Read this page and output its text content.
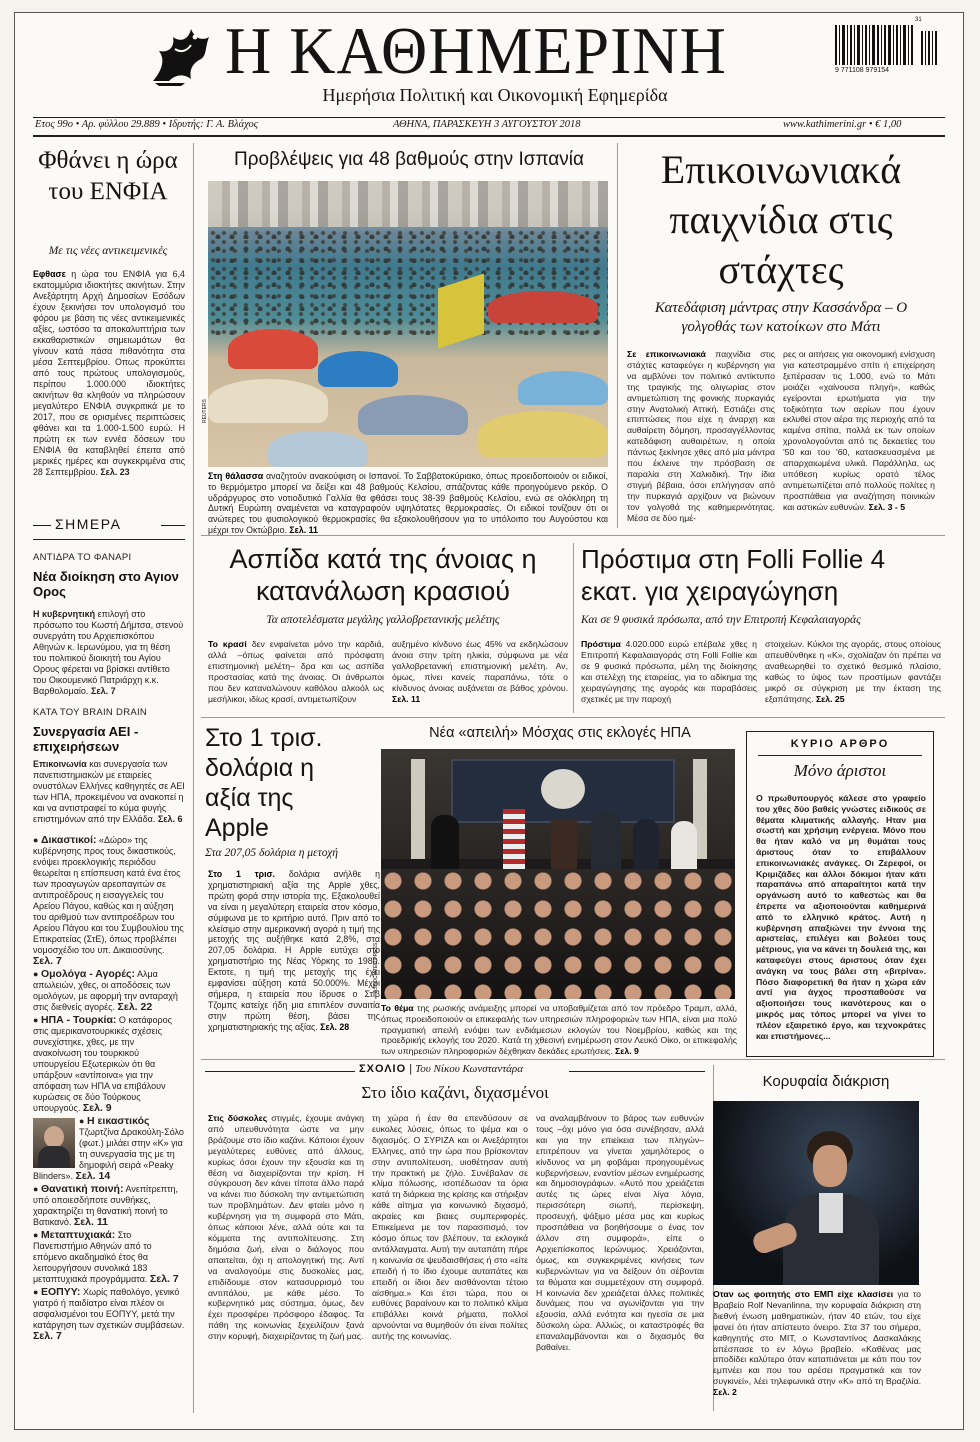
Η ΚΑΘΗΜΕΡΙΝΗ
Ημερήσια Πολιτική και Οικονομική Εφημερίδα
9 771108 979154
31
Ετος 99ο • Αρ. φύλλου 29.889 • Ιδρυτής: Γ. Α. Βλάχος	ΑΘΗΝΑ, ΠΑΡΑΣΚΕΥΗ 3 ΑΥΓΟΥΣΤΟΥ 2018	www.kathimerini.gr • € 1,00
Φθάνει η ώρα του ΕΝΦΙΑ
Με τις νέες αντικειμενικές
Εφθασε η ώρα του ΕΝΦΙΑ για 6,4 εκατομμύρια ιδιοκτήτες ακινήτων. Στην Ανεξάρτητη Αρχή Δημοσίων Εσόδων έχουν ξεκινήσει τον υπολογισμό του φόρου με βάση τις νέες αντικειμενικές αξίες, ωστόσο τα αποκαλυπτήρια των εκκαθαριστικών σημειωμάτων θα γίνουν κατά πάσα πιθανότητα στα μέσα Σεπτεμβρίου. Οπως προκύπτει από τους πρώτους υπολογισμούς, περίπου 1.000.000 ιδιοκτήτες ακινήτων θα κληθούν να πληρώσουν μεγαλύτερο ΕΝΦΙΑ συγκριτικά με το 2017, που σε ορισμένες περιπτώσεις φθάνει και τα 1.000-1.500 ευρώ. Η πρώτη εκ των εννέα δόσεων του ΕΝΦΙΑ θα καταβληθεί έπειτα από μερικές ημέρες και συγκεκριμένα στις 28 Σεπτεμβρίου. Σελ. 23
ΣΗΜΕΡΑ
ΑΝΤΙΔΡΑ ΤΟ ΦΑΝΑΡΙ
Νέα διοίκηση στο Αγιον Ορος
Η κυβερνητική επιλογή στο πρόσωπο του Κωστή Δήμτσα, στενού συνεργάτη του Αρχιεπισκόπου Αθηνών κ. Ιερωνύμου, για τη θέση του πολιτικού διοικητή του Αγίου Ορους φέρεται να βρίσκει αντίθετο του Οικουμενικό Πατριάρχη κ.κ. Βαρθολομαίο. Σελ. 7
ΚΑΤΑ ΤΟΥ BRAIN DRAIN
Συνεργασία ΑΕΙ - επιχειρήσεων
Επικοινωνία και συνεργασία των πανεπιστημιακών με εταιρείες ονυστόλων Ελλήνες καθηγητές σε ΑΕΙ των ΗΠΑ, προκειμένου να ανακοπεί η και να αντιστραφεί το κύμα φυγής επιστημόνων από την Ελλάδα. Σελ. 6
● Δικαστικοί: «Δώρο» της κυβέρνησης προς τους δικαστικούς, ενόψει προεκλογικής περιόδου θεωρείται η επίσπευση κατά ένα έτος των προαγωγών αρεοπαγιτών σε αντιπροέδρους η εισαγγελείς του Αρείου Πάγου, καθώς και η αύξηση του αριθμού των αντιπροέδρων του Αρείου Πάγου και του Συμβουλίου της Επικρατείας (ΣτΕ), όπως προβλέπει νομοσχέδιο του υπ. Δικαιοσύνης. Σελ. 7
● Ομολόγα - Αγορές: Αλμα απωλειών, χθες, οι αποδόσεις των ομολόγων, με αφορμή την ανταραχή στις διεθνείς αγορές. Σελ. 22
● ΗΠΑ - Τουρκία: Ο κατάφορος στις αμερικανοτουρκικές σχέσεις συνεχίστηκε, χθες, με την ανακοίνωση του τουρκικού υπουργείου Εξωτερικών ότι θα υπάρξουν «αντίποινα» για την απόφαση των ΗΠΑ να επιβάλουν κυρώσεις σε δύο Τούρκους υπουργούς. Σελ. 9
● Η εικαστικός Τζωρτζίνα Δρακούλη-Σόλο (φωτ.) μιλάει στην «Κ» για τη συνεργασία της με τη δημοφιλή σειρά «Peaky Blinders». Σελ. 14
● Θανατική ποινή: Ανεπίτρεπτη, υπό οποιεσδήποτε συνθήκες, χαρακτηρίζει τη θανατική ποινή το Βατικανό. Σελ. 11
● Μεταπτυχιακά: Στο Πανεπιστήμιο Αθηνών από το επόμενο ακαδημαϊκό έτος θα λειτουργήσουν συνολικά 183 μεταπτυχιακά προγράμματα. Σελ. 7
● ΕΟΠΥΥ: Χωρίς παθολόγο, γενικό γιατρό ή παιδίατρο είναι πλέον οι ασφαλισμένοι του ΕΟΠΥΥ, μετά την κατάργηση των σχετικών συμβάσεων. Σελ. 7
Προβλέψεις για 48 βαθμούς στην Ισπανία
REUTERS
Στη θάλασσα αναζητούν ανακούφιση οι Ισπανοί. Το Σαββατοκύριακο, όπως προειδοποιούν οι ειδικοί, το θερμόμετρο μπορεί να δείξει και 48 βαθμούς Κελσίου, σπάζοντας κάθε προηγούμενο ρεκόρ. Ο υδράργυρος στο νοτιοδυτικό Γαλλία θα φθάσει τους 38-39 βαθμούς Κελσίου, ενώ σε ολόκληρη τη Δυτική Ευρώπη αναμένεται να καταγραφούν υψηλότατες θερμοκρασίες. Οι ειδικοί τονίζουν ότι οι ανώτερες του φυσιολογικού θερμοκρασίες θα εξακολουθήσουν για το υπόλοιπο του Αυγούστου και μέχρι τον Οκτώβριο. Σελ. 11
Επικοινωνιακά παιχνίδια στις στάχτες
Κατεδάφιση μάντρας στην Κασσάνδρα – Ο γολγοθάς των κατοίκων στο Μάτι
Σε επικοινωνιακά παιχνίδια στις στάχτες καταφεύγει η κυβέρνηση για να αμβλύνει τον πολιτικό αντίκτυπο της τραγικής της ολιγωρίας στον αντιμετώπιση της φονικής πυρκαγιάς στην Ανατολική Αττική. Εστιάζει στις επιπτώσεις που είχε η άναρχη και αυθαίρετη δόμηση, προσαγγέλλοντας κατεδάφιση αυθαιρέτων, η οποία πάντως ξεκίνησε χθες από μία μάντρα που έκλεινε την πρόσβαση σε παραλία στη Χαλκιδική. Την ίδια στιγμή βέβαια, όσοι επλήγησαν από την πυρκαγιά αρχίζουν να βιώνουν τον γολγοθά της καθημερινότητας. Μέσα σε δύο ημέ-
ρες οι αιτήσεις για οικονομική ενίσχυση για κατεστραμμένο σπίτι ή επιχείρηση ξεπέρασαν τις 1.000, ενώ το Μάτι μοιάζει «χαίνουσα πληγή», καθώς εγείρονται ερωτήματα για την τοξικότητα των αερίων που έχουν εκλυθεί στον αέρα της περιοχής από τα καμένα σπίτια, πολλά εκ των οποίων χρονολογούνται από τις δεκαετίες του '50 και του '60, κατασκευασμένα με απαρχαιωμένα υλικά. Παράλληλα, ως υπόθεση κυρίως ορατό τέλος αντιμετωπίζεται από πολλούς πολίτες η προσπάθεια για αναζήτηση ποινικών και αστικών ευθυνών. Σελ. 3 - 5
Ασπίδα κατά της άνοιας η κατανάλωση κρασιού
Τα αποτελέσματα μεγάλης γαλλοβρετανικής μελέτης
Το κρασί δεν ενφαίνεται μόνο την καρδιά, αλλά –όπως φαίνεται από πρόσφατη επιστημονική μελέτη– δρα και ως ασπίδα προστασίας κατά της άνοιας. Οι άνθρωποι που δεν καταναλώνουν καθόλου αλκοόλ ως μεσήλικοι, ιδίως κρασί, αντιμετωπίζουν
αυξημένο κίνδυνο έως 45% να εκδηλώσουν άνοια στην τρίτη ηλικία, σύμφωνα με νέα γαλλοβρετανική επιστημονική μελέτη. Αν, όμως, πίνει κανείς παραπάνω, τότε ο κίνδυνος άνοιας αυξάνεται σε βάθος χρόνου. Σελ. 11
Πρόστιμα στη Folli Follie 4 εκατ. για χειραγώγηση
Και σε 9 φυσικά πρόσωπα, από την Επιτροπή Κεφαλαιαγοράς
Πρόστιμα 4.020.000 ευρώ επέβαλε χθες η Επιτροπή Κεφαλαιαγοράς στη Folli Follie και σε 9 φυσικά πρόσωπα, μέλη της διοίκησης και στελέχη της εταιρείας, για το αδίκημα της χειραγώγησης της αγοράς και παραβάσεις σχετικές με την παροχή
στοιχείων. Κύκλοι της αγοράς, στους οποίους απευθύνθηκε η «Κ», σχολίαζαν ότι πρέπει να αναθεωρηθεί το σχετικό θεσμικό πλαίσιο, καθώς το ύψος των προστίμων φαντάζει μικρό σε σύγκριση με την έκταση της εξαπάτησης. Σελ. 25
Στο 1 τρισ. δολάρια η αξία της Apple
Στα 207,05 δολάρια η μετοχή
Στο 1 τρισ. δολάρια ανήλθε η χρηματιστηριακή αξία της Apple χθες, πρώτη φορά στην ιστορία της. Εξακολουθεί να είναι η μεγαλύτερη εταιρεία στον κόσμο, σύμφωνα με το κριτήριο αυτό. Πριν από το κλείσιμο στην αμερικανική αγορά η τιμή της μετοχής της αυξήθηκε κατά 2,8%, στα 207,05 δολάρια. Η Apple ευτύχει στο χρηματιστήριο της Νέας Υόρκης το 1980. Εκτοτε, η τιμή της μετοχής της έχει εμφανίσει αύξηση κατά 50.000%. Μέχρι σήμερα, η εταιρεία που ίδρυσε ο Στιβ Τζομπς κατείχε ήδη μια επιπλέον συναιτία στην πρώτη θέση, βάσει της χρηματιστηριακής της αξίας. Σελ. 28
Νέα «απειλή» Μόσχας στις εκλογές ΗΠΑ
ASSOCIATED PRESS
Το θέμα της ρωσικής ανάμειξης μπορεί να υποβαθμίζεται από τον πρόεδρο Τραμπ, αλλά, όπως προειδοποιούν οι επικεφαλής των υπηρεσιών πληροφοριών των ΗΠΑ, είναι μια πολύ πραγματική απειλή ενόψει των ενδιάμεσων εκλογών του Νοεμβρίου, καθώς και της προεδρικής εκλογής του 2020. Κατά τη χθεσινή ενημέρωση στον Λευκό Οίκο, οι επικεφαλής των υπηρεσιών πληροφοριών δέχθηκαν δεκάδες ερωτήσεις. Σελ. 9
ΚΥΡΙΟ ΑΡΘΡΟ
Μόνο άριστοι
Ο πρωθυπουργός κάλεσε στο γραφείο του χθες δύο βαθείς γνώστες ειδικούς σε θέματα κλιματικής αλλαγής. Ηταν μια σωστή και χρήσιμη ενέργεια. Μόνο που θα ήταν καλό να μη θυμάται τους άριστους όταν το επιβάλλουν επικοινωνιακές ανάγκες. Οι Ζερεφοί, οι Κριμιζάδες και άλλοι δόκιμοι ήταν κάτι παραπάνω από απαραίτητοι κατά την οργάνωση αυτό το καθεστώς και θα έπρεπε να αξιοποιούνται καθημερινά από το ελληνικό κράτος. Αυτή η κυβέρνηση απαξιώνει την έννοια της αριστείας, επιλέγει και βολεύει τους μέτριους, για να κάνει τη δουλειά της, και καταφεύγει στους άριστους όταν έχει ανάγκη να τους βάλει στη «βιτρίνα». Πόσο διαφορετική θα ήταν η χώρα εάν αντί για άγχος προσπαθούσε να αξιοποιήσει τους ικανότερους και ο μικρός μας τόπος μπορεί να γίνει το πλέον εξαιρετικό έργο, και τεχνοκράτες και επιστήμονες...
ΣΧΟΛΙΟ | Του Νίκου Κωνσταντάρα
Στο ίδιο καζάνι, διχασμένοι
Στις δύσκολες στιγμές, έχουμε ανάγκη από υπευθυνότητα ώστε να μην βράζουμε στο ίδιο καζάνι. Κάποιοι έχουν μεγαλύτερες ευθύνες από άλλους, κυρίως όσοι έχουν την εξουσία και τη θέση να διαχειρίζονται την κρίση. Η σύγκρουση δεν κάνει τίποτα άλλο παρά να κάνει πιο δύσκολη την αντιμετώπιση των προβλημάτων. Δεν φταίει μόνο η κυβέρνηση για τη συμφορά στο Μάτι, όπως κάποιοι λένε, αλλά ούτε και τα κόμματα της αντιπολίτευσης. Στη δημόσια ζωή, είναι ο διάλογος που απαιτείται, όχι η απολογητική της. Αντί να αναλογούμε στις δυσκολίες μας, επιδίδουμε στον κατασυρρισμό του αντιπάλου, με κάθε μέσο. Το κυβερνητικό μας σύστημα, όμως, δεν έχει προσφέρει πρόσφορο έδαφος. Τα πάθη της κοινωνίας ξεχειλίζουν ξανά στην κορυφή, διαχειρίζοντας τη ζωή μας.
τη χώρα ή έαν θα επενδύσουν σε ευκολες λύσεις, όπως το ψέμα και ο διχασμός. Ο ΣΥΡΙΖΑ και οι Ανεξάρτητοι Ελληνες, από την ώρα που βρίσκονταν στην αντιπολίτευση, υιοθέτησαν αυτή την πρακτική με ζήλο. Συνέβαλαν σε κλίμα πόλωσης, ισοπέδωσαν τα όρια κατά τη διάρκεια της κρίσης και στήριξαν κάθε αίτημα για κοινωνικό διχασμό, ακραίες και βιαιες συμπεριφορές. Επικείμενα με τον παρασιτισμό, τον κόσμο όπως τον βλέπουν, τα εκλογικά αντάλλαγματα. Αυτή την αυταπάτη πήρε η κοινωνία σε ψευδαισθήσεις ή στο «είτε επειδή ή το ίδιο έχουμε αυταπάτες και επειδή οι ίδιοι δεν αισθάνονται τέτοιο αίσθημα.» Και έτσι τώρα, που οι ευθύνες βαραίνουν και το πολιτικό κλίμα επιβάλλει κοινά ρήματα, πολλοί αρνούνται να θυμηθούν ότι είναι πολίτες αυτής της κοινωνίας.
να αναλαμβάνουν το βάρος των ευθυνών τους –όχι μόνο για όσα συνέβησαν, αλλά και για την επιείκεια των πληγών– επιτρέπουν να γίνεται χαμηλότερος ο κίνδυνος να μη φοβάμαι προηγουμένως κυβερνήσεων, εναντίον μέσων ενημέρωσης και δημοσιογράφων. «Αυτό που χρειάζεται αυτές τις ώρες είναι λίγα λόγια, περισσότερη σιωπή, περίσκεψη, προσευχή, ψάξιμο μέσα μας και κυρίως προσπάθεια να βοηθήσουμε ο ένας τον άλλον στη συμφορά», είπε ο Αρχιεπίσκοπος Ιερώνυμος. Χρειάζονται, όμως, και συγκεκριμένες κινήσεις των κυβερνώντων για να δείξουν ότι σέβονται τα θύματα και συμμετέχουν στη συμφορά. Η κοινωνία δεν χρειάζεται άλλες πολιτικές δυνάμεις που να αγωνίζονται για την εξουσία, αλλά ενότητα και ηγεσία σε μια δύσκολη ώρα. Αλλιώς, οι καταστροφές θα επαναλαμβάνονται και ο διχασμός θα βαθαίνει.
Κορυφαία διάκριση
Οταν ως φοιτητής στο ΕΜΠ είχε κλασίσει για το Βραβείο Rolf Nevanlinna, την κορυφαία διάκριση στη διεθνή ένωση μαθηματικών, ήταν 40 ετών, του είχε φανεί ότι ήταν απίστευτο όνειρο. Στα 37 του σήμερα, καθηγητής στο MIT, ο Κωνσταντίνος Δασκαλάκης απέσπασε το εν λόγω βραβείο. «Καθένας μας αποδίδει καλύτερο όταν καταπιάνεται με κάτι που τον εμπνέει και που του αρέσει πραγματικά και τον συγκινεί», λέει τηλεφωνικά στην «Κ» από τη Βραζιλία. Σελ. 2
